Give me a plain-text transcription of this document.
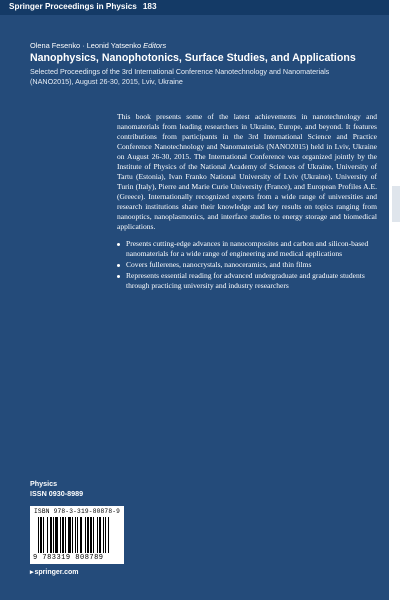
Springer Proceedings in Physics 183
Olena Fesenko · Leonid Yatsenko Editors
Nanophysics, Nanophotonics, Surface Studies, and Applications
Selected Proceedings of the 3rd International Conference Nanotechnology and Nanomaterials
(NANO2015), August 26-30, 2015, Lviv, Ukraine
This book presents some of the latest achievements in nanotechnology and nanomaterials from leading researchers in Ukraine, Europe, and beyond. It features contributions from participants in the 3rd International Science and Practice Conference Nanotechnology and Nanomaterials (NANO2015) held in Lviv, Ukraine on August 26-30, 2015. The International Conference was organized jointly by the Institute of Physics of the National Academy of Sciences of Ukraine, University of Tartu (Estonia), Ivan Franko National University of Lviv (Ukraine), University of Turin (Italy), Pierre and Marie Curie University (France), and European Profiles A.E. (Greece). Internationally recognized experts from a wide range of universities and research institutions share their knowledge and key results on topics ranging from nanooptics, nanoplasmonics, and interface studies to energy storage and biomedical applications.
Presents cutting-edge advances in nanocomposites and carbon and silicon-based nanomaterials for a wide range of engineering and medical applications
Covers fullerenes, nanocrystals, nanoceramics, and thin films
Represents essential reading for advanced undergraduate and graduate students through practicing university and industry researchers
Physics
ISSN 0930-8989
ISBN 978-3-319-80878-9
9 783319 808789
▸springer.com
